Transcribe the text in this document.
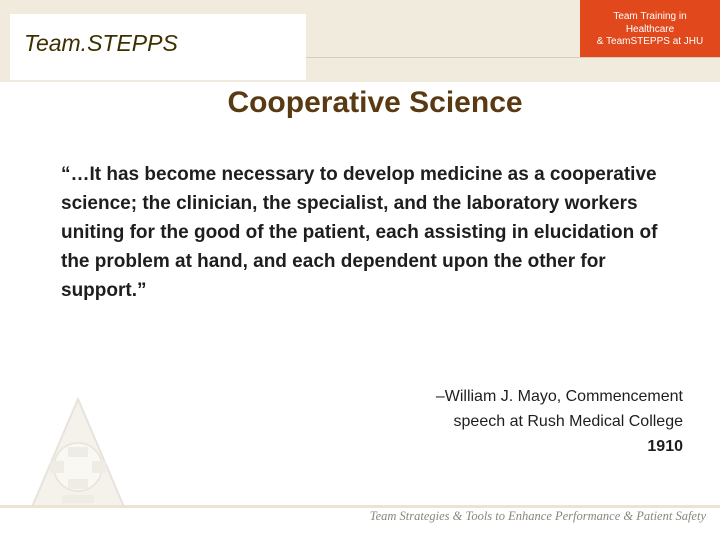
Team.STEPPS
Team Training in
Healthcare
& TeamSTEPPS at JHU
Cooperative Science
“…It has become necessary to develop medicine as a cooperative science; the clinician, the specialist, and the laboratory workers uniting for the good of the patient, each assisting in elucidation of the problem at hand, and each dependent upon the other for support.”
–William J. Mayo, Commencement
speech at Rush Medical College
1910
Team Strategies & Tools to Enhance Performance & Patient Safety
